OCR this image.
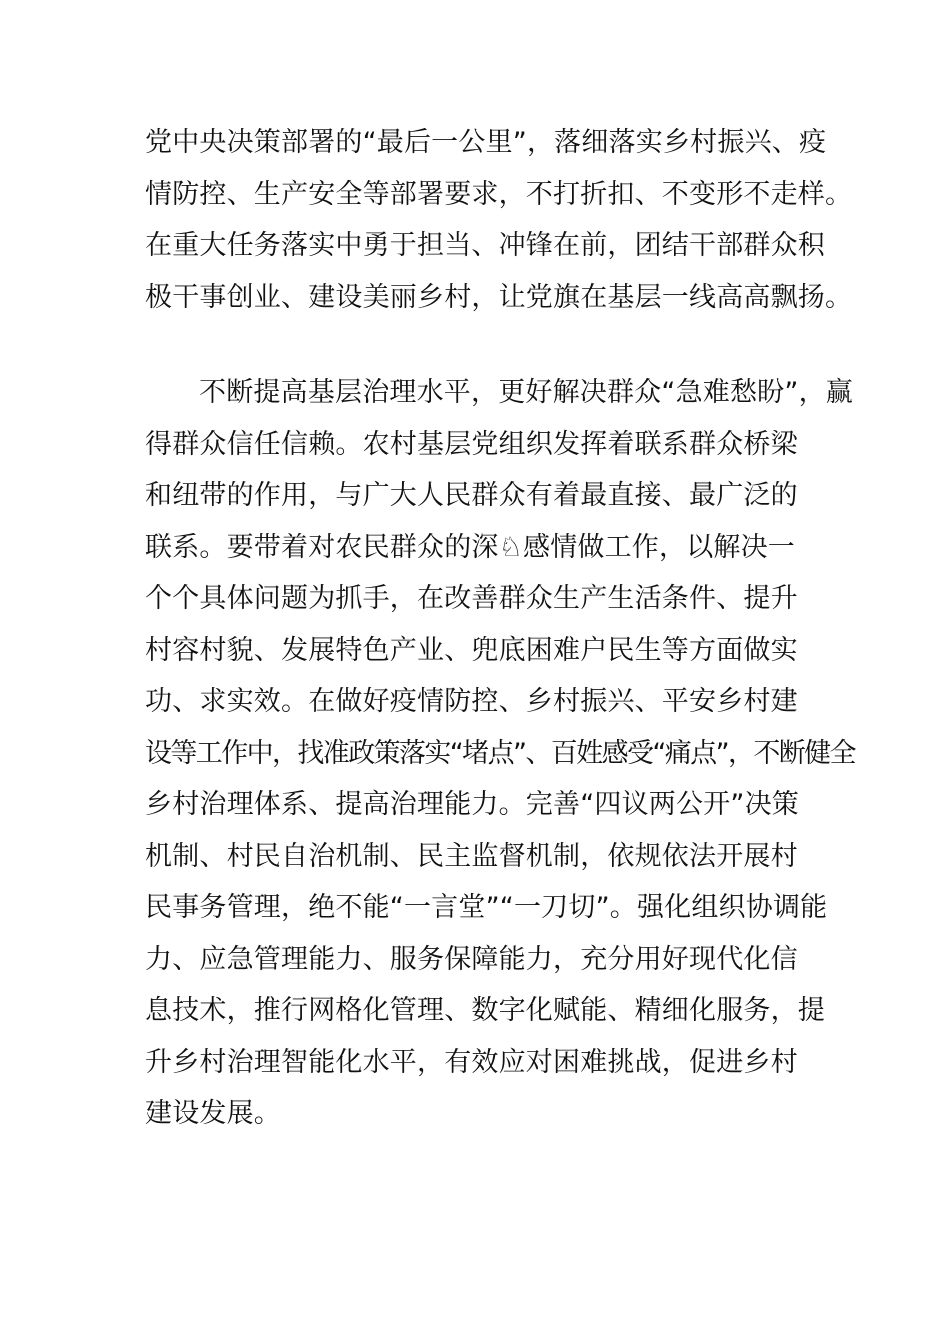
党中央决策部署的“最后一公里”，落细落实乡村振兴、疫
情防控、生产安全等部署要求，不打折扣、不变形不走样。
在重大任务落实中勇于担当、冲锋在前，团结干部群众积
极干事创业、建设美丽乡村，让党旗在基层一线高高飘扬。
不断提高基层治理水平，更好解决群众“急难愁盼”，赢
得群众信任信赖。农村基层党组织发挥着联系群众桥梁
和纽带的作用，与广大人民群众有着最直接、最广泛的
联系。要带着对农民群众的深♘感情做工作，以解决一
个个具体问题为抓手，在改善群众生产生活条件、提升
村容村貌、发展特色产业、兜底困难户民生等方面做实
功、求实效。在做好疫情防控、乡村振兴、平安乡村建
设等工作中，找准政策落实“堵点”、百姓感受“痛点”，不断健全
乡村治理体系、提高治理能力。完善“四议两公开”决策
机制、村民自治机制、民主监督机制，依规依法开展村
民事务管理，绝不能“一言堂”“一刀切”。强化组织协调能
力、应急管理能力、服务保障能力，充分用好现代化信
息技术，推行网格化管理、数字化赋能、精细化服务，提
升乡村治理智能化水平，有效应对困难挑战，促进乡村
建设发展。
